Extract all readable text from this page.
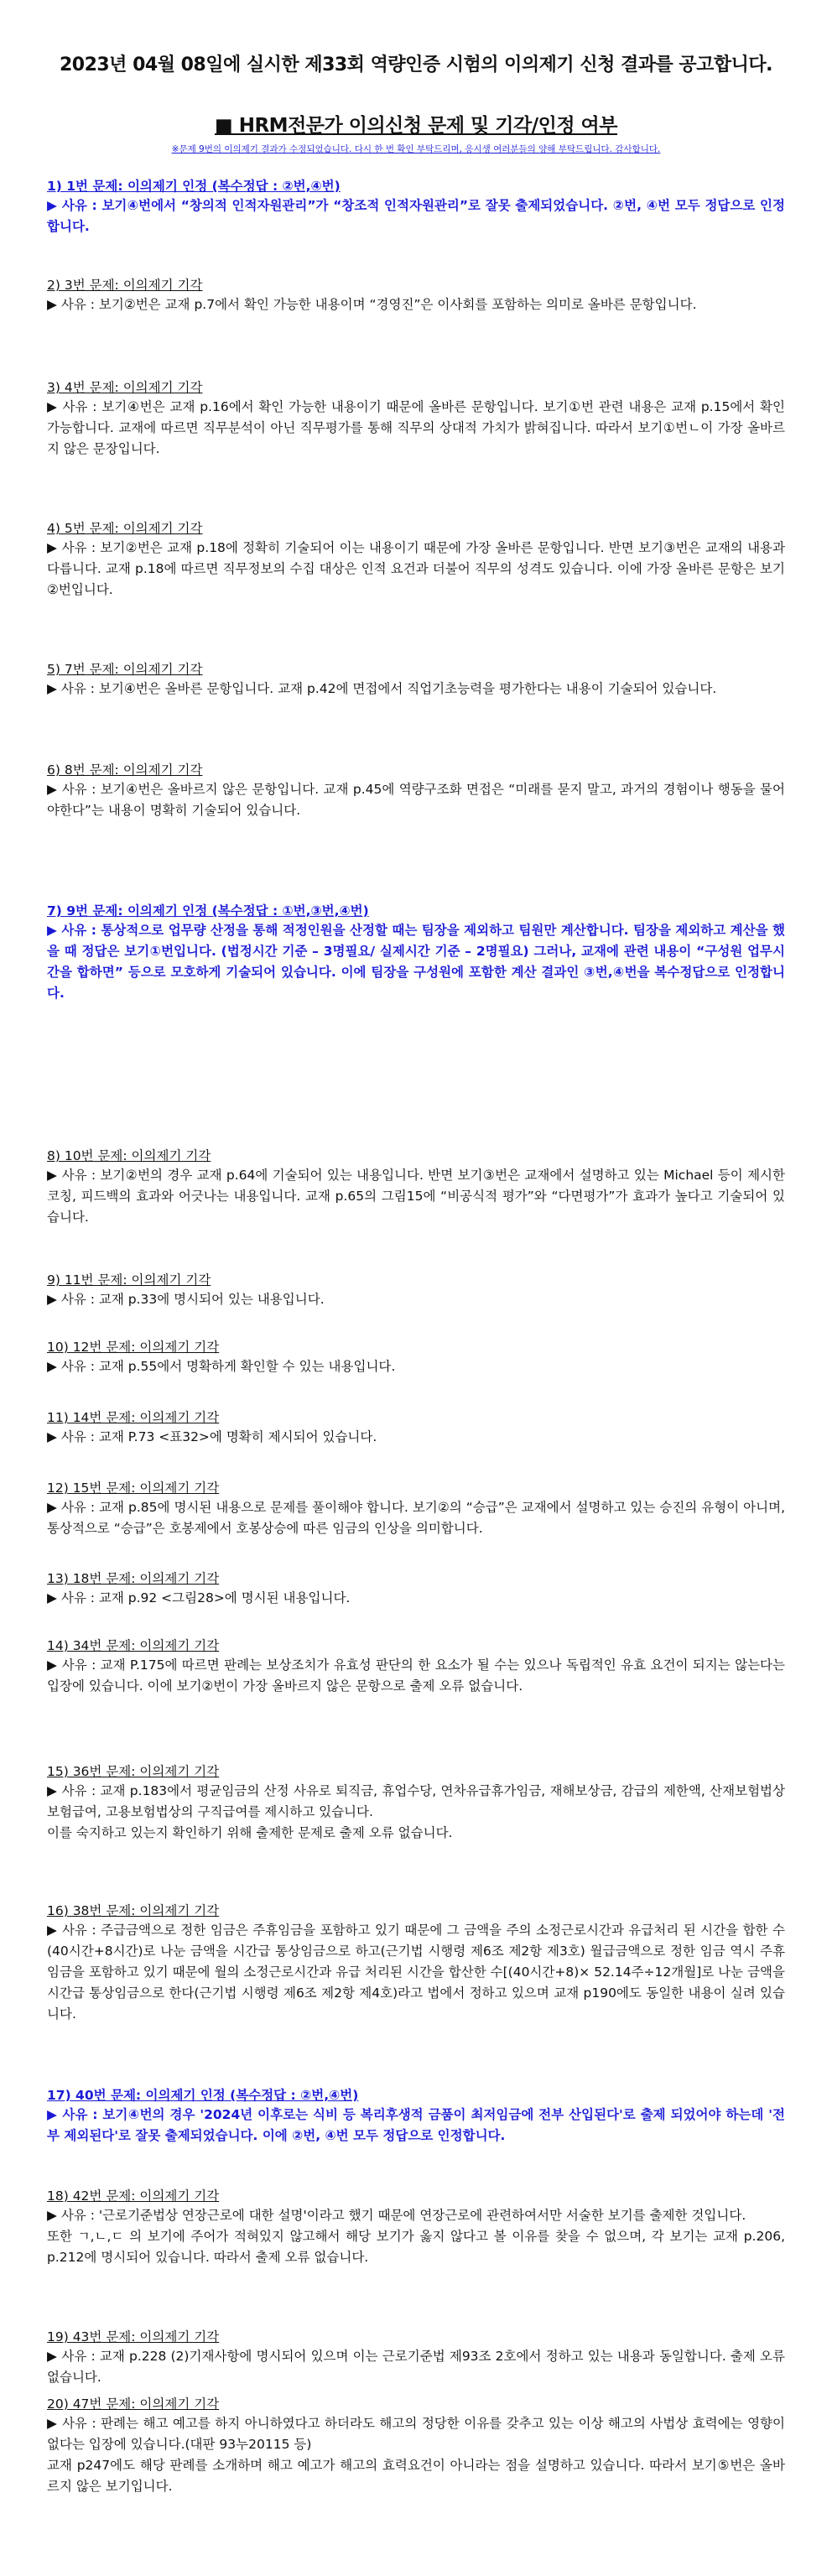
2023년 04월 08일에 실시한 제33회 역량인증 시험의 이의제기 신청 결과를 공고합니다.
■ HRM전문가 이의신청 문제 및 기각/인정 여부
※문제 9번의 이의제기 결과가 수정되었습니다. 다시 한 번 확인 부탁드리며, 응시생 여러분들의 양해 부탁드립니다. 감사합니다.
1) 1번 문제: 이의제기 인정 (복수정답 : ②번,④번)
▶ 사유 : 보기④번에서 “창의적 인적자원관리”가 “창조적 인적자원관리”로 잘못 출제되었습니다. ②번, ④번 모두 정답으로 인정합니다.
2) 3번 문제: 이의제기 기각
▶ 사유 : 보기②번은 교재 p.7에서 확인 가능한 내용이며 “경영진”은 이사회를 포함하는 의미로 올바른 문항입니다.
3) 4번 문제: 이의제기 기각
▶ 사유 : 보기④번은 교재 p.16에서 확인 가능한 내용이기 때문에 올바른 문항입니다. 보기①번 관련 내용은 교재 p.15에서 확인 가능합니다. 교재에 따르면 직무분석이 아닌 직무평가를 통해 직무의 상대적 가치가 밝혀집니다. 따라서 보기①번ㄴ이 가장 올바르지 않은 문장입니다.
4) 5번 문제: 이의제기 기각
▶ 사유 : 보기②번은 교재 p.18에 정확히 기술되어 이는 내용이기 때문에 가장 올바른 문항입니다. 반면 보기③번은 교재의 내용과 다릅니다. 교재 p.18에 따르면 직무정보의 수집 대상은 인적 요건과 더불어 직무의 성격도 있습니다. 이에 가장 올바른 문항은 보기②번입니다.
5) 7번 문제: 이의제기 기각
▶ 사유 : 보기④번은 올바른 문항입니다. 교재 p.42에 면접에서 직업기초능력을 평가한다는 내용이 기술되어 있습니다.
6) 8번 문제: 이의제기 기각
▶ 사유 : 보기④번은 올바르지 않은 문항입니다. 교재 p.45에 역량구조화 면접은 “미래를 묻지 말고, 과거의 경험이나 행동을 물어야한다”는 내용이 명확히 기술되어 있습니다.
7) 9번 문제: 이의제기 인정 (복수정답 : ①번,③번,④번)
▶ 사유 : 통상적으로 업무량 산정을 통해 적정인원을 산정할 때는 팀장을 제외하고 팀원만 계산합니다. 팀장을 제외하고 계산을 했을 때 정답은 보기①번입니다. (법정시간 기준 – 3명필요/ 실제시간 기준 – 2명필요) 그러나, 교재에 관련 내용이 “구성원 업무시간을 합하면” 등으로 모호하게 기술되어 있습니다. 이에 팀장을 구성원에 포함한 계산 결과인 ③번,④번을 복수정답으로 인정합니다.
8) 10번 문제: 이의제기 기각
▶ 사유 : 보기②번의 경우 교재 p.64에 기술되어 있는 내용입니다. 반면 보기③번은 교재에서 설명하고 있는 Michael 등이 제시한 코칭, 피드백의 효과와 어긋나는 내용입니다. 교재 p.65의 그림15에 “비공식적 평가”와 “다면평가”가 효과가 높다고 기술되어 있습니다.
9) 11번 문제: 이의제기 기각
▶ 사유 : 교재 p.33에 명시되어 있는 내용입니다.
10) 12번 문제: 이의제기 기각
▶ 사유 : 교재 p.55에서 명확하게 확인할 수 있는 내용입니다.
11) 14번 문제: 이의제기 기각
▶ 사유 : 교재 P.73 <표32>에 명확히 제시되어 있습니다.
12) 15번 문제: 이의제기 기각
▶ 사유 : 교재 p.85에 명시된 내용으로 문제를 풀이해야 합니다. 보기②의 “승급”은 교재에서 설명하고 있는 승진의 유형이 아니며, 통상적으로 “승급”은 호봉제에서 호봉상승에 따른 임금의 인상을 의미합니다.
13) 18번 문제: 이의제기 기각
▶ 사유 : 교재 p.92 <그림28>에 명시된 내용입니다.
14) 34번 문제: 이의제기 기각
▶ 사유 : 교재 P.175에 따르면 판례는 보상조치가 유효성 판단의 한 요소가 될 수는 있으나 독립적인 유효 요건이 되지는 않는다는 입장에 있습니다. 이에 보기②번이 가장 올바르지 않은 문항으로 출제 오류 없습니다.
15) 36번 문제: 이의제기 기각
▶ 사유 : 교재 p.183에서 평균임금의 산정 사유로 퇴직금, 휴업수당, 연차유급휴가임금, 재해보상금, 감급의 제한액, 산재보험법상 보험급여, 고용보험법상의 구직급여를 제시하고 있습니다.
이를 숙지하고 있는지 확인하기 위해 출제한 문제로 출제 오류 없습니다.
16) 38번 문제: 이의제기 기각
▶ 사유 : 주급금액으로 정한 임금은 주휴임금을 포함하고 있기 때문에 그 금액을 주의 소정근로시간과 유급처리 된 시간을 합한 수(40시간+8시간)로 나눈 금액을 시간급 통상임금으로 하고(근기법 시행령 제6조 제2항 제3호) 월급금액으로 정한 임금 역시 주휴임금을 포함하고 있기 때문에 월의 소정근로시간과 유급 처리된 시간을 합산한 수[(40시간+8)× 52.14주÷12개월]로 나눈 금액을 시간급 통상임금으로 한다(근기법 시행령 제6조 제2항 제4호)라고 법에서 정하고 있으며 교재 p190에도 동일한 내용이 실려 있습니다.
17) 40번 문제: 이의제기 인정 (복수정답 : ②번,④번)
▶ 사유 : 보기④번의 경우 '2024년 이후로는 식비 등 복리후생적 금품이 최저임금에 전부 산입된다'로 출제 되었어야 하는데 '전부 제외된다'로 잘못 출제되었습니다. 이에 ②번, ④번 모두 정답으로 인정합니다.
18) 42번 문제: 이의제기 기각
▶ 사유 : '근로기준법상 연장근로에 대한 설명'이라고 했기 때문에 연장근로에 관련하여서만 서술한 보기를 출제한 것입니다.
또한 ㄱ,ㄴ,ㄷ 의 보기에 주어가 적혀있지 않고해서 해당 보기가 옳지 않다고 볼 이유를 찾을 수 없으며, 각 보기는 교재 p.206, p.212에 명시되어 있습니다. 따라서 출제 오류 없습니다.
19) 43번 문제: 이의제기 기각
▶ 사유 : 교재 p.228 (2)기재사항에 명시되어 있으며 이는 근로기준법 제93조 2호에서 정하고 있는 내용과 동일합니다. 출제 오류 없습니다.
20) 47번 문제: 이의제기 기각
▶ 사유 : 판례는 해고 예고를 하지 아니하였다고 하더라도 해고의 정당한 이유를 갖추고 있는 이상 해고의 사법상 효력에는 영향이 없다는 입장에 있습니다.(대판 93누20115 등)
교재 p247에도 해당 판례를 소개하며 해고 예고가 해고의 효력요건이 아니라는 점을 설명하고 있습니다. 따라서 보기⑤번은 올바르지 않은 보기입니다.
